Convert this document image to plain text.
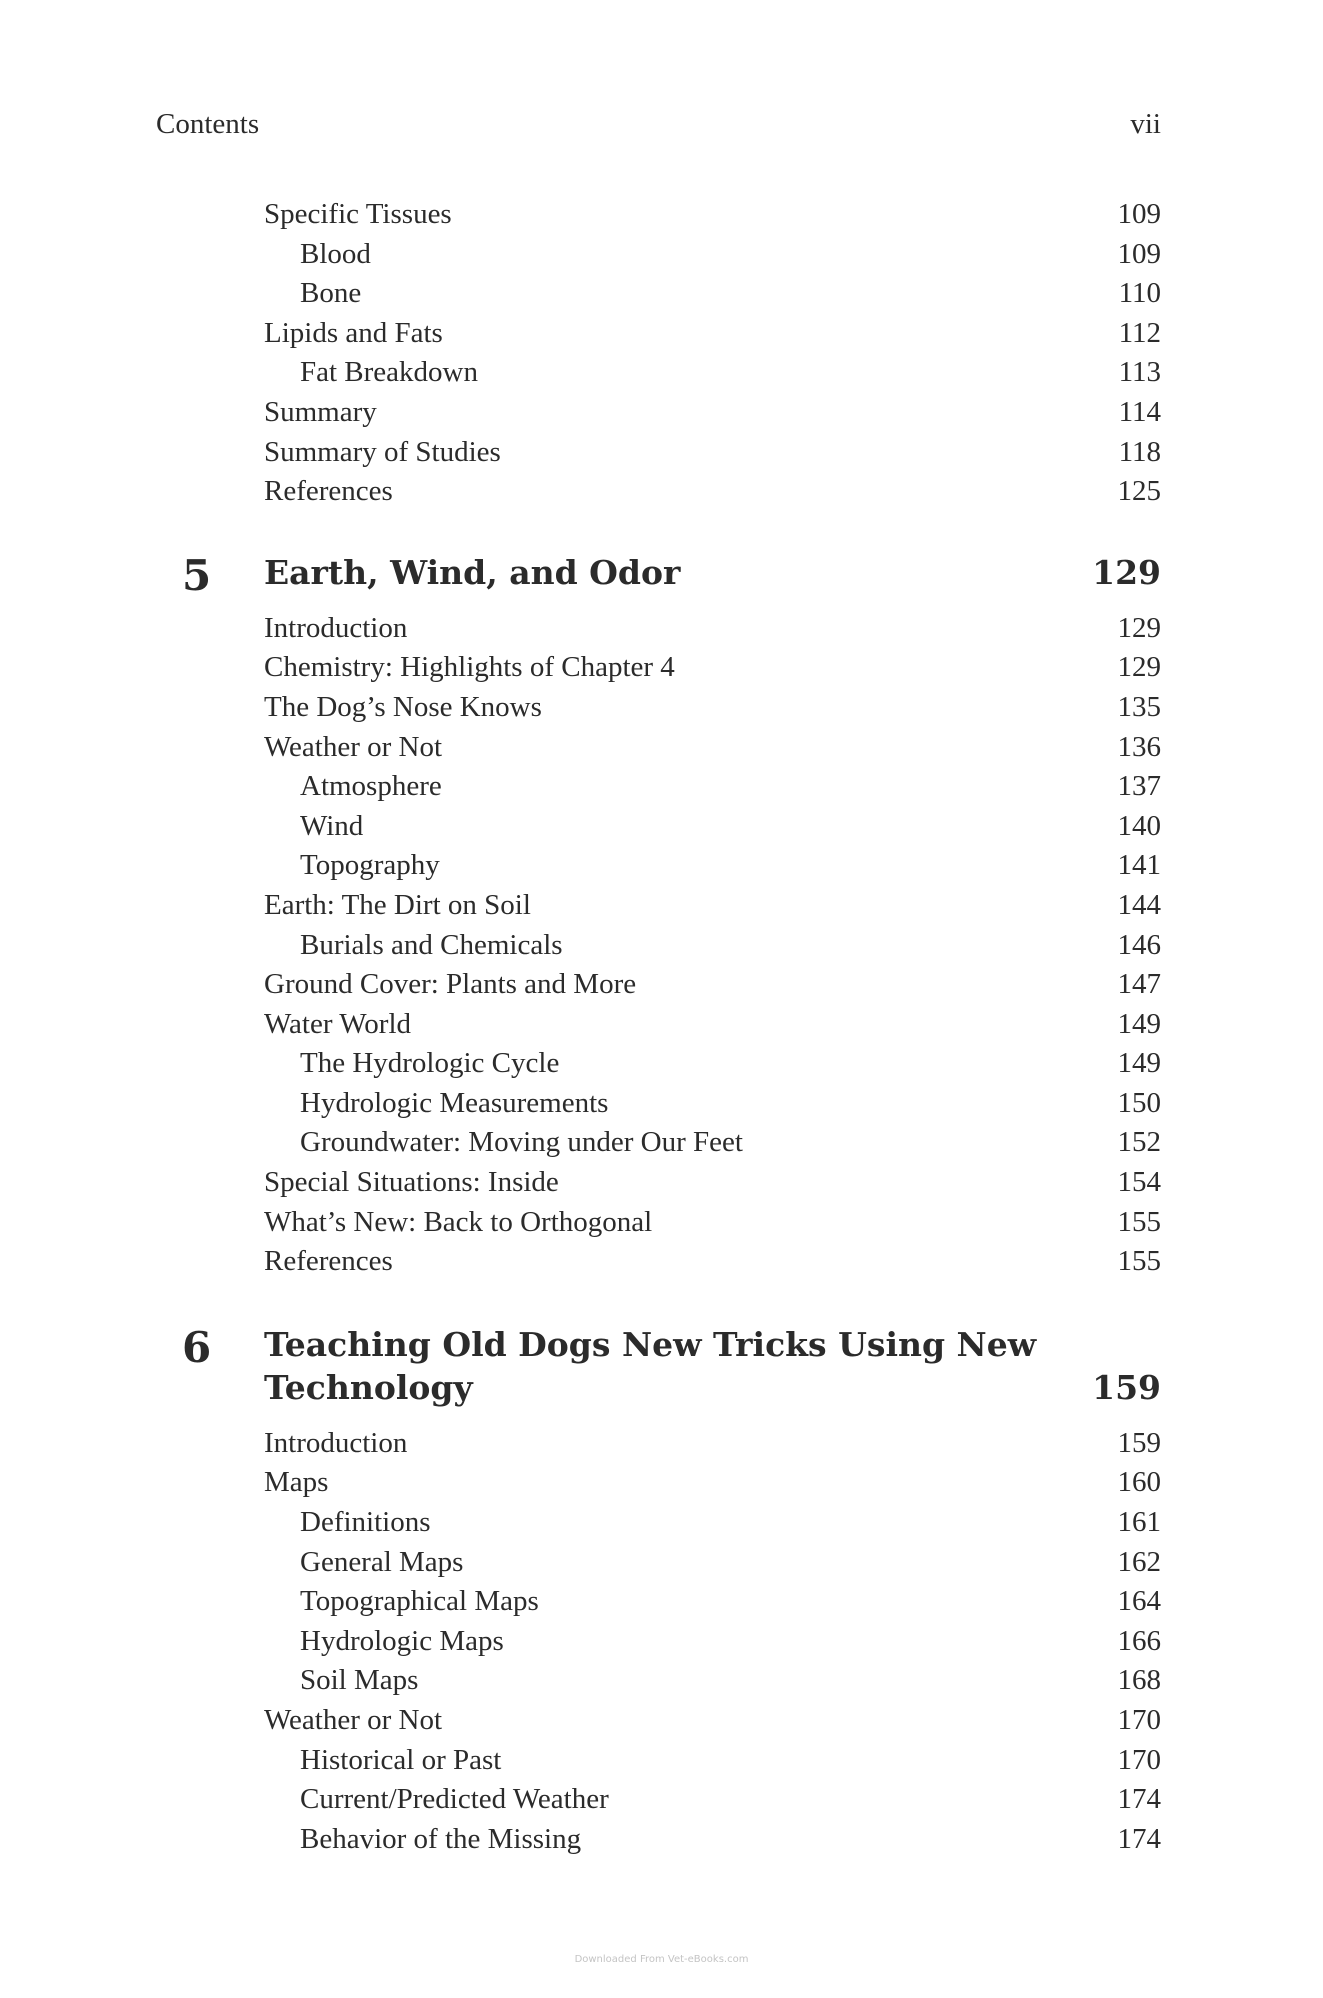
Contents	vii
Specific Tissues	109
Blood	109
Bone	110
Lipids and Fats	112
Fat Breakdown	113
Summary	114
Summary of Studies	118
References	125
5	Earth, Wind, and Odor	129
Introduction	129
Chemistry: Highlights of Chapter 4	129
The Dog’s Nose Knows	135
Weather or Not	136
Atmosphere	137
Wind	140
Topography	141
Earth: The Dirt on Soil	144
Burials and Chemicals	146
Ground Cover: Plants and More	147
Water World	149
The Hydrologic Cycle	149
Hydrologic Measurements	150
Groundwater: Moving under Our Feet	152
Special Situations: Inside	154
What’s New: Back to Orthogonal	155
References	155
6	Teaching Old Dogs New Tricks Using New Technology	159
Introduction	159
Maps	160
Definitions	161
General Maps	162
Topographical Maps	164
Hydrologic Maps	166
Soil Maps	168
Weather or Not	170
Historical or Past	170
Current/Predicted Weather	174
Behavior of the Missing	174
Downloaded From Vet-eBooks.com
